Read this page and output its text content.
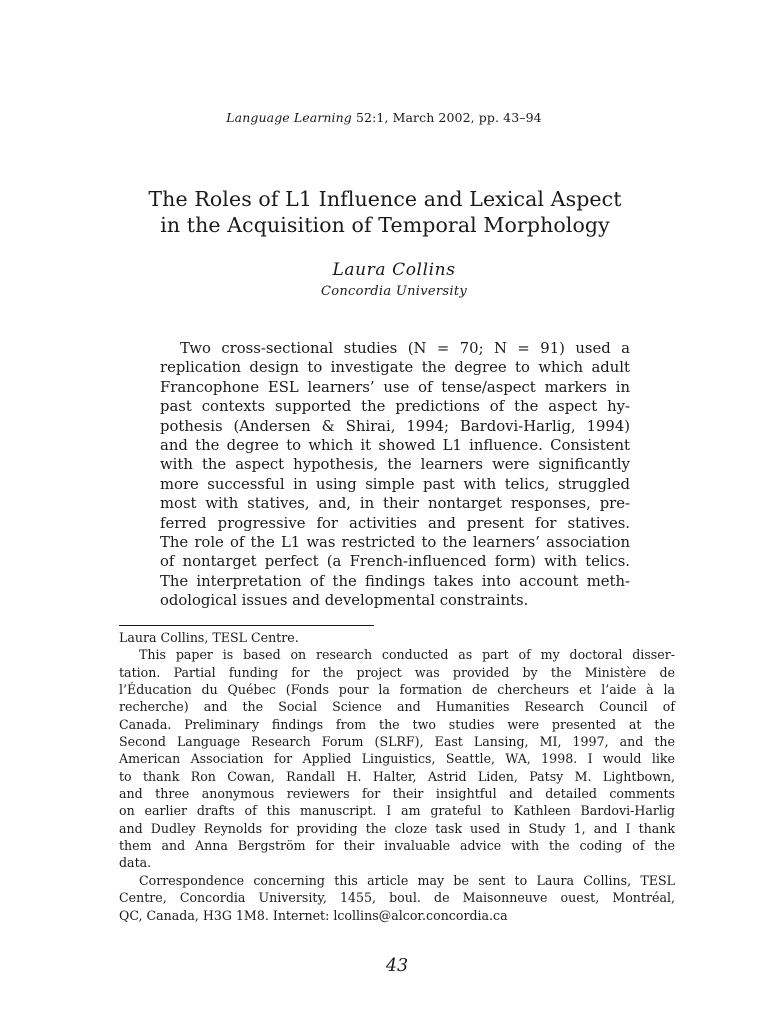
Language Learning 52:1, March 2002, pp. 43–94
The Roles of L1 Influence and Lexical Aspect
in the Acquisition of Temporal Morphology
Laura Collins
Concordia University
Two cross-sectional studies (N = 70; N = 91) used a
replication design to investigate the degree to which adult
Francophone ESL learners’ use of tense/aspect markers in
past contexts supported the predictions of the aspect hy-
pothesis (Andersen & Shirai, 1994; Bardovi-Harlig, 1994)
and the degree to which it showed L1 influence. Consistent
with the aspect hypothesis, the learners were significantly
more successful in using simple past with telics, struggled
most with statives, and, in their nontarget responses, pre-
ferred progressive for activities and present for statives.
The role of the L1 was restricted to the learners’ association
of nontarget perfect (a French-influenced form) with telics.
The interpretation of the findings takes into account meth-
odological issues and developmental constraints.
Laura Collins, TESL Centre.
This paper is based on research conducted as part of my doctoral disser-
tation. Partial funding for the project was provided by the Ministère de
l’Éducation du Québec (Fonds pour la formation de chercheurs et l’aide à la
recherche) and the Social Science and Humanities Research Council of
Canada. Preliminary findings from the two studies were presented at the
Second Language Research Forum (SLRF), East Lansing, MI, 1997, and the
American Association for Applied Linguistics, Seattle, WA, 1998. I would like
to thank Ron Cowan, Randall H. Halter, Astrid Liden, Patsy M. Lightbown,
and three anonymous reviewers for their insightful and detailed comments
on earlier drafts of this manuscript. I am grateful to Kathleen Bardovi-Harlig
and Dudley Reynolds for providing the cloze task used in Study 1, and I thank
them and Anna Bergström for their invaluable advice with the coding of the
data.
Correspondence concerning this article may be sent to Laura Collins, TESL
Centre, Concordia University, 1455, boul. de Maisonneuve ouest, Montréal,
QC, Canada, H3G 1M8. Internet: lcollins@alcor.concordia.ca
43
